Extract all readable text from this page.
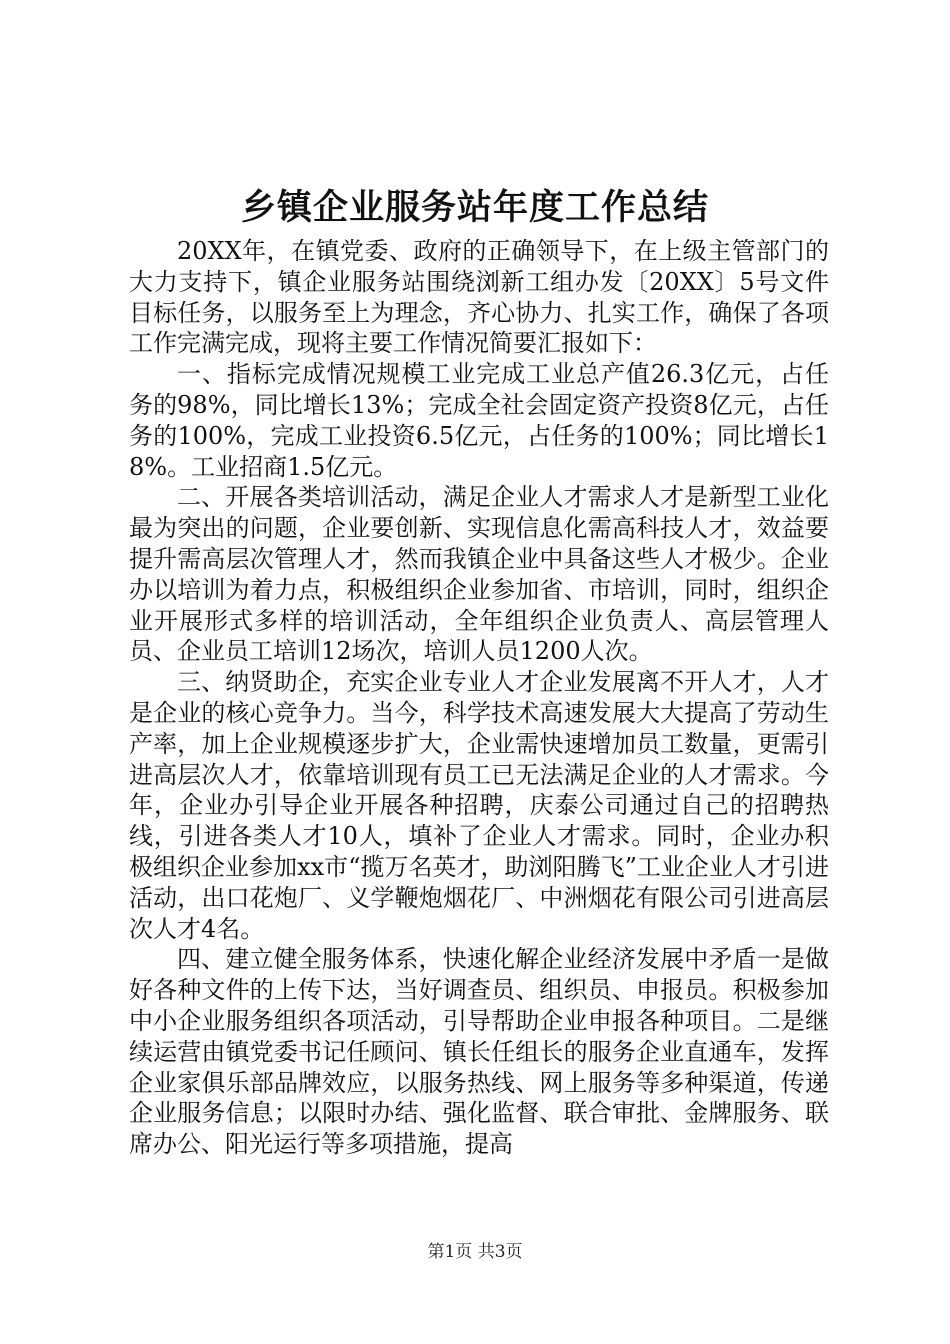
乡镇企业服务站年度工作总结

20XX年，在镇党委、政府的正确领导下，在上级主管部门的大力支持下，镇企业服务站围绕浏新工组办发〔20XX〕5号文件目标任务，以服务至上为理念，齐心协力、扎实工作，确保了各项工作完满完成，现将主要工作情况简要汇报如下：

一、指标完成情况规模工业完成工业总产值26.3亿元，占任务的98%，同比增长13%；完成全社会固定资产投资8亿元，占任务的100%，完成工业投资6.5亿元，占任务的100%；同比增长18%。工业招商1.5亿元。

二、开展各类培训活动，满足企业人才需求人才是新型工业化最为突出的问题，企业要创新、实现信息化需高科技人才，效益要提升需高层次管理人才，然而我镇企业中具备这些人才极少。企业办以培训为着力点，积极组织企业参加省、市培训，同时，组织企业开展形式多样的培训活动，全年组织企业负责人、高层管理人员、企业员工培训12场次，培训人员1200人次。

三、纳贤助企，充实企业专业人才企业发展离不开人才，人才是企业的核心竞争力。当今，科学技术高速发展大大提高了劳动生产率，加上企业规模逐步扩大，企业需快速增加员工数量，更需引进高层次人才，依靠培训现有员工已无法满足企业的人才需求。今年，企业办引导企业开展各种招聘，庆泰公司通过自己的招聘热线，引进各类人才10人，填补了企业人才需求。同时，企业办积极组织企业参加xx市“揽万名英才，助浏阳腾飞”工业企业人才引进活动，出口花炮厂、义学鞭炮烟花厂、中洲烟花有限公司引进高层次人才4名。

四、建立健全服务体系，快速化解企业经济发展中矛盾一是做好各种文件的上传下达，当好调查员、组织员、申报员。积极参加中小企业服务组织各项活动，引导帮助企业申报各种项目。二是继续运营由镇党委书记任顾问、镇长任组长的服务企业直通车，发挥企业家俱乐部品牌效应，以服务热线、网上服务等多种渠道，传递企业服务信息；以限时办结、强化监督、联合审批、金牌服务、联席办公、阳光运行等多项措施，提高

第1页 共3页
